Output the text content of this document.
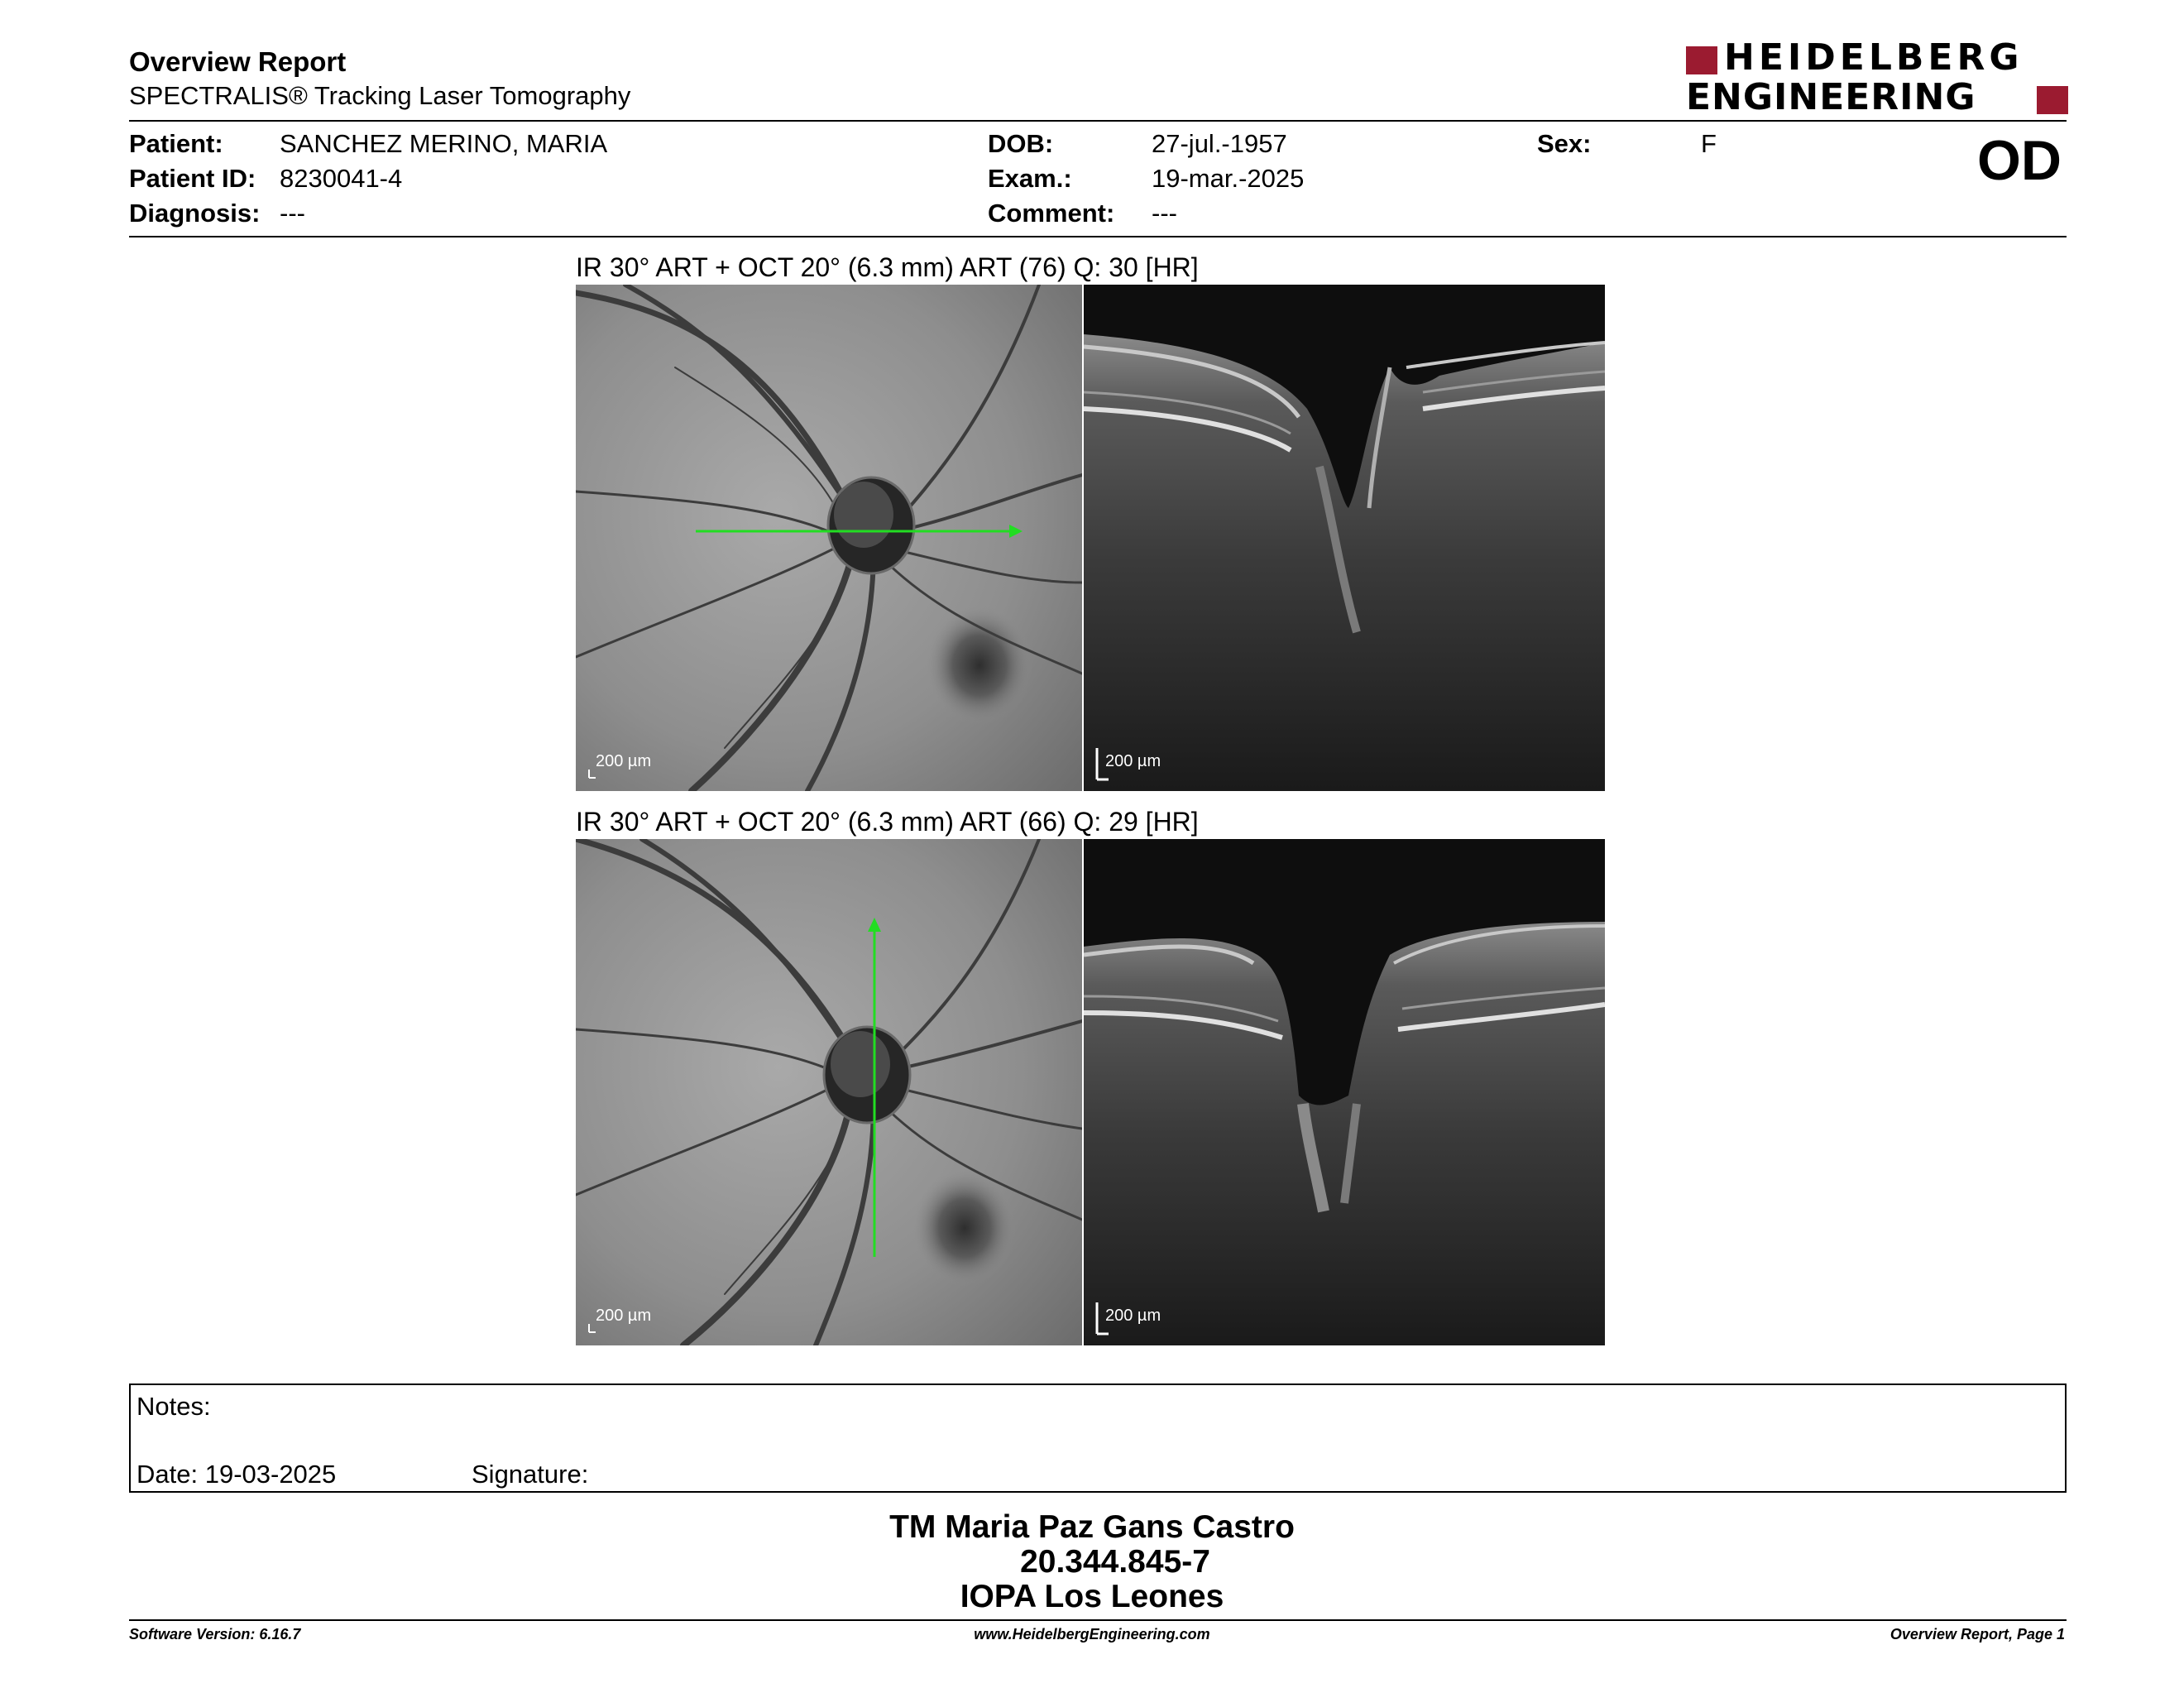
Overview Report
SPECTRALIS® Tracking Laser Tomography
HEIDELBERG
ENGINEERING
Patient: SANCHEZ MERINO, MARIA
Patient ID: 8230041-4
Diagnosis: ---
DOB:	27-jul.-1957
Exam.:	19-mar.-2025
Comment: ---
Sex:	F	OD
IR 30° ART + OCT 20° (6.3 mm) ART (76) Q: 30 [HR]
200 µm	200 µm
IR 30° ART + OCT 20° (6.3 mm) ART (66) Q: 29 [HR]
200 µm	200 µm
Notes:
Date: 19-03-2025	Signature:
TM Maria Paz Gans Castro
20.344.845-7
IOPA Los Leones
Software Version: 6.16.7	www.HeidelbergEngineering.com	Overview Report, Page 1
